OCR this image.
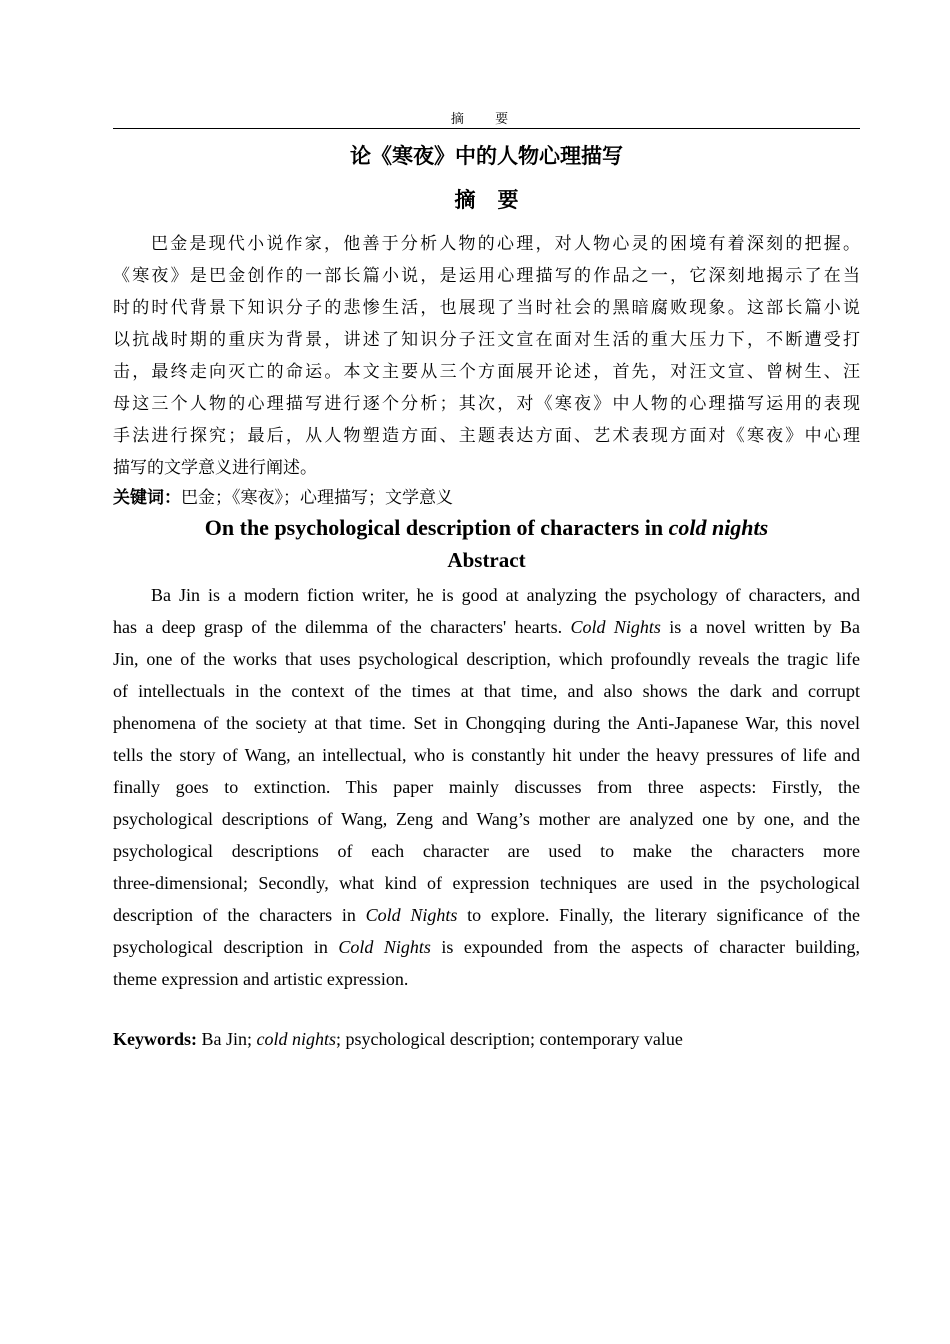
摘 要
论《寒夜》中的人物心理描写
摘要
巴金是现代小说作家，他善于分析人物的心理，对人物心灵的困境有着深刻的把握。
《寒夜》是巴金创作的一部长篇小说，是运用心理描写的作品之一，它深刻地揭示了在当
时的时代背景下知识分子的悲惨生活，也展现了当时社会的黑暗腐败现象。这部长篇小说
以抗战时期的重庆为背景，讲述了知识分子汪文宣在面对生活的重大压力下，不断遭受打
击，最终走向灭亡的命运。本文主要从三个方面展开论述，首先，对汪文宣、曾树生、汪
母这三个人物的心理描写进行逐个分析；其次，对《寒夜》中人物的心理描写运用的表现
手法进行探究；最后，从人物塑造方面、主题表达方面、艺术表现方面对《寒夜》中心理
描写的文学意义进行阐述。
关键词：巴金；《寒夜》；心理描写；文学意义
On the psychological description of characters in cold nights
Abstract
Ba Jin is a modern fiction writer, he is good at analyzing the psychology of characters, and
has a deep grasp of the dilemma of the characters' hearts. Cold Nights is a novel written by Ba
Jin, one of the works that uses psychological description, which profoundly reveals the tragic life
of intellectuals in the context of the times at that time, and also shows the dark and corrupt
phenomena of the society at that time. Set in Chongqing during the Anti-Japanese War, this novel
tells the story of Wang, an intellectual, who is constantly hit under the heavy pressures of life and
finally goes to extinction. This paper mainly discusses from three aspects: Firstly, the
psychological descriptions of Wang, Zeng and Wang’s mother are analyzed one by one, and the
psychological descriptions of each character are used to make the characters more
three-dimensional; Secondly, what kind of expression techniques are used in the psychological
description of the characters in Cold Nights to explore. Finally, the literary significance of the
psychological description in Cold Nights is expounded from the aspects of character building,
theme expression and artistic expression.
Keywords: Ba Jin; cold nights; psychological description; contemporary value
